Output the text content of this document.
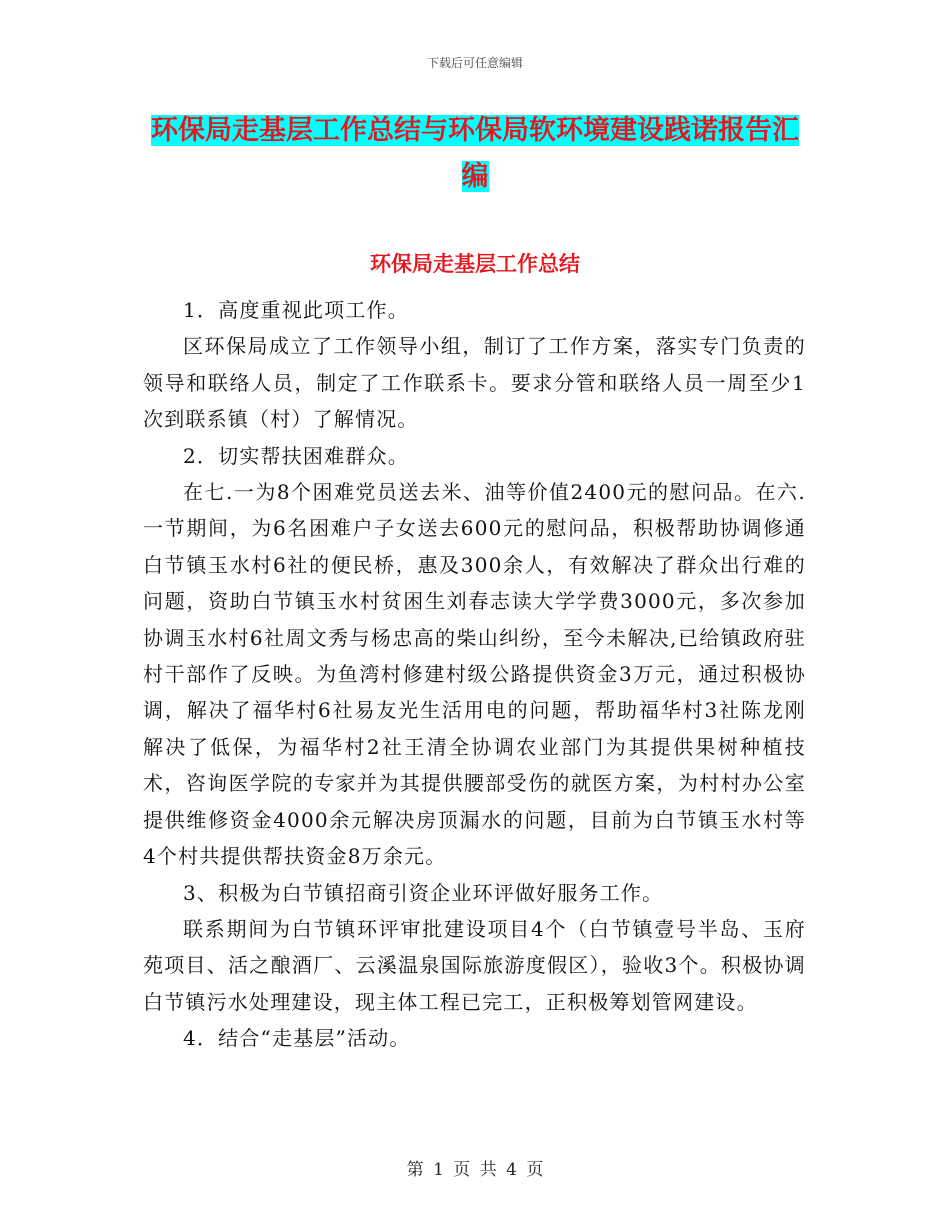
下载后可任意编辑
环保局走基层工作总结与环保局软环境建设践诺报告汇编
环保局走基层工作总结

1．高度重视此项工作。

区环保局成立了工作领导小组，制订了工作方案，落实专门负责的领导和联络人员，制定了工作联系卡。要求分管和联络人员一周至少1次到联系镇（村）了解情况。

2．切实帮扶困难群众。

在七.一为8个困难党员送去米、油等价值2400元的慰问品。在六.一节期间，为6名困难户子女送去600元的慰问品，积极帮助协调修通白节镇玉水村6社的便民桥，惠及300余人，有效解决了群众出行难的问题，资助白节镇玉水村贫困生刘春志读大学学费3000元，多次参加协调玉水村6社周文秀与杨忠高的柴山纠纷，至今未解决,已给镇政府驻村干部作了反映。为鱼湾村修建村级公路提供资金3万元，通过积极协调，解决了福华村6社易友光生活用电的问题，帮助福华村3社陈龙刚解决了低保，为福华村2社王清全协调农业部门为其提供果树种植技术，咨询医学院的专家并为其提供腰部受伤的就医方案，为村村办公室提供维修资金4000余元解决房顶漏水的问题，目前为白节镇玉水村等4个村共提供帮扶资金8万余元。

3、积极为白节镇招商引资企业环评做好服务工作。

联系期间为白节镇环评审批建设项目4个（白节镇壹号半岛、玉府苑项目、活之酿酒厂、云溪温泉国际旅游度假区），验收3个。积极协调白节镇污水处理建设，现主体工程已完工，正积极筹划管网建设。

4．结合“走基层”活动。

第 1 页 共 4 页
